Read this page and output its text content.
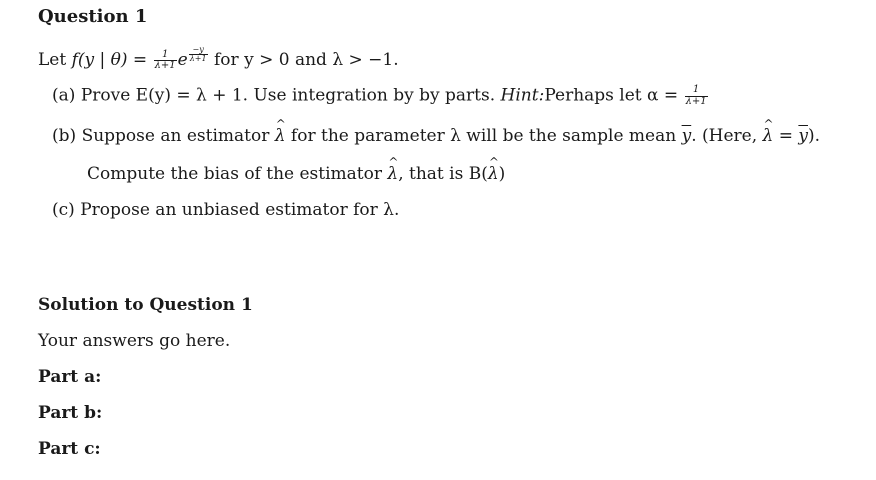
Question 1
Let f(y | $\theta) = \frac{1}{\lambda+1}$ e $\frac{-y}{\lambda+1}$ for y > 0 and λ > −1.
(a) Prove E(y) = λ + 1. Use integration by by parts. Hint:Perhaps let $\alpha = \frac{1}{\lambda+1}$
(b) Suppose an estimator ^ λ for the parameter λ will be the sample mean $\overline{y}$. (Here, ^ $\lambda = \overline{y}$).
Compute the bias of the estimator ^ λ, that is B(^ λ)
(c) Propose an unbiased estimator for λ.
Solution to Question 1
Your answers go here.
Part a:
Part b:
Part c:
